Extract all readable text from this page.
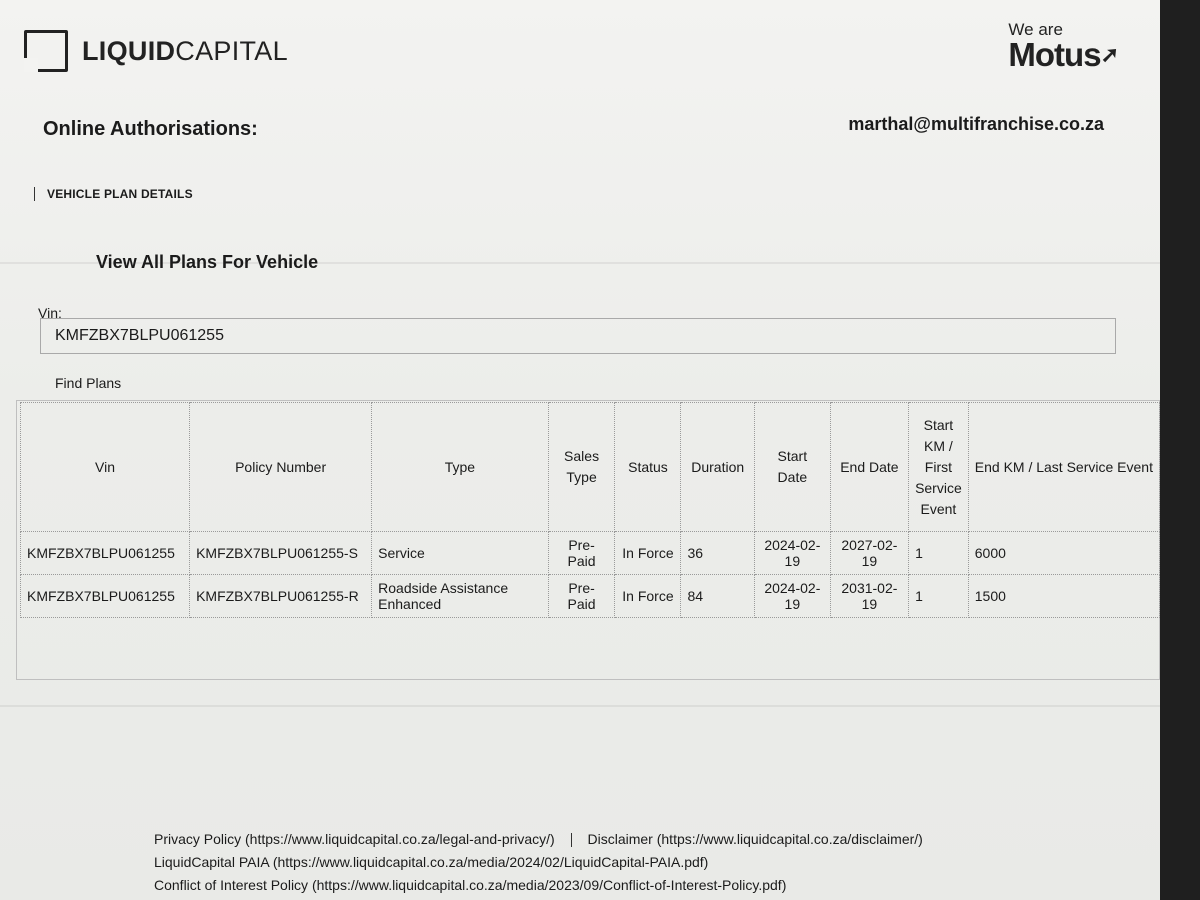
LIQUIDCAPITAL
We are
Motus➚
Online Authorisations:	marthal@multifranchise.co.za
VEHICLE PLAN DETAILS
View All Plans For Vehicle
Vin:
KMFZBX7BLPU061255
Find Plans
Vin	Policy Number	Type	Sales Type	Status	Duration	Start Date	End Date	Start KM / First Service Event	End KM / Last Service Event
KMFZBX7BLPU061255	KMFZBX7BLPU061255-S	Service	Pre-Paid	In Force	36	2024-02-19	2027-02-19	1	6000
KMFZBX7BLPU061255	KMFZBX7BLPU061255-R	Roadside Assistance Enhanced	Pre-Paid	In Force	84	2024-02-19	2031-02-19	1	1500
Privacy Policy (https://www.liquidcapital.co.za/legal-and-privacy/) Disclaimer (https://www.liquidcapital.co.za/disclaimer/)
LiquidCapital PAIA (https://www.liquidcapital.co.za/media/2024/02/LiquidCapital-PAIA.pdf)
Conflict of Interest Policy (https://www.liquidcapital.co.za/media/2023/09/Conflict-of-Interest-Policy.pdf)
